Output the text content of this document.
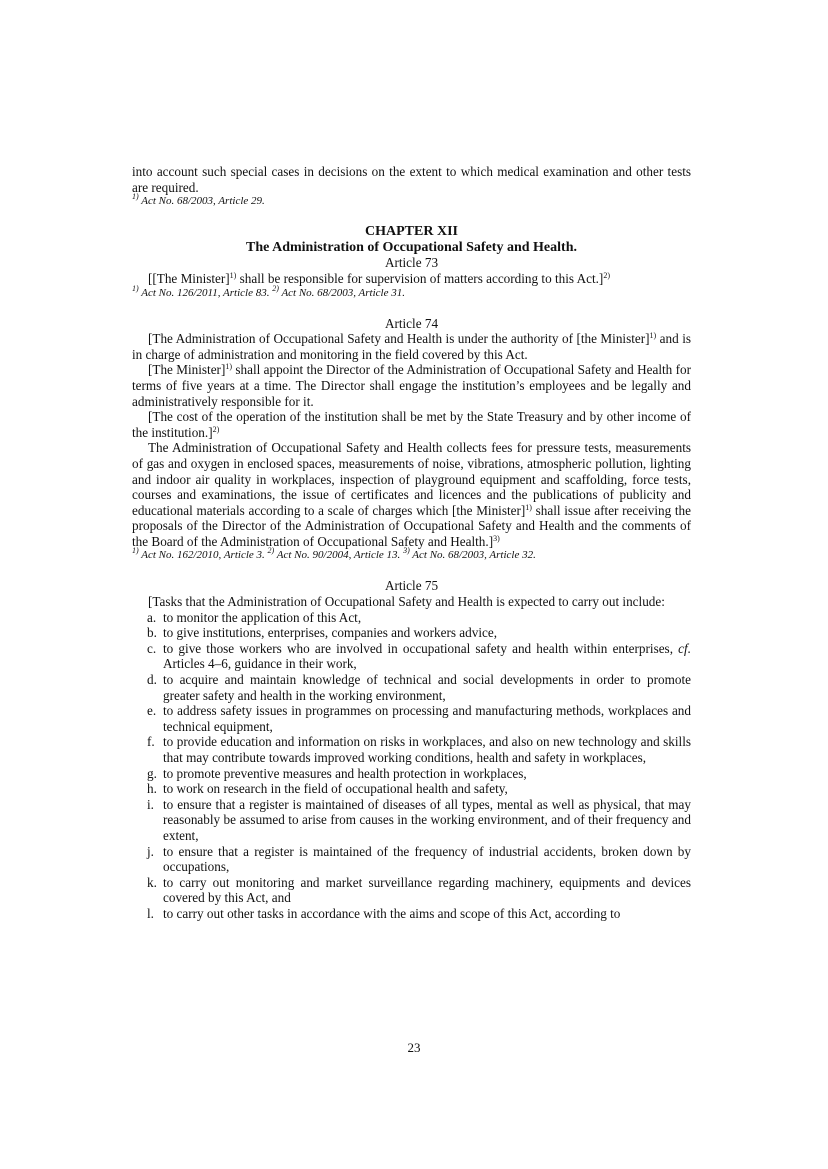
into account such special cases in decisions on the extent to which medical examination and other tests are required.

$^{1)}$ Act No. 68/2003, Article 29.

CHAPTER XII

The Administration of Occupational Safety and Health.

Article 73

[[The Minister]$^{1)}$ shall be responsible for supervision of matters according to this Act.]$^{2)}$

$^{1)}$ Act No. 126/2011, Article 83. $^{2)}$ Act No. 68/2003, Article 31.

Article 74

[The Administration of Occupational Safety and Health is under the authority of [the Minister]$^{1)}$ and is in charge of administration and monitoring in the field covered by this Act.

[The Minister]$^{1)}$ shall appoint the Director of the Administration of Occupational Safety and Health for terms of five years at a time. The Director shall engage the institution’s employees and be legally and administratively responsible for it.

[The cost of the operation of the institution shall be met by the State Treasury and by other income of the institution.]$^{2)}$

The Administration of Occupational Safety and Health collects fees for pressure tests, measurements of gas and oxygen in enclosed spaces, measurements of noise, vibrations, atmospheric pollution, lighting and indoor air quality in workplaces, inspection of playground equipment and scaffolding, force tests, courses and examinations, the issue of certificates and licences and the publications of publicity and educational materials according to a scale of charges which [the Minister]$^{1)}$ shall issue after receiving the proposals of the Director of the Administration of Occupational Safety and Health and the comments of the Board of the Administration of Occupational Safety and Health.]$^{3)}$

$^{1)}$ Act No. 162/2010, Article 3. $^{2)}$ Act No. 90/2004, Article 13. $^{3)}$ Act No. 68/2003, Article 32.

Article 75

[Tasks that the Administration of Occupational Safety and Health is expected to carry out include:

a. to monitor the application of this Act,
b. to give institutions, enterprises, companies and workers advice,
c. to give those workers who are involved in occupational safety and health within enterprises, cf. Articles 4–6, guidance in their work,
d. to acquire and maintain knowledge of technical and social developments in order to promote greater safety and health in the working environment,
e. to address safety issues in programmes on processing and manufacturing methods, workplaces and technical equipment,
f. to provide education and information on risks in workplaces, and also on new technology and skills that may contribute towards improved working conditions, health and safety in workplaces,
g. to promote preventive measures and health protection in workplaces,
h. to work on research in the field of occupational health and safety,
i. to ensure that a register is maintained of diseases of all types, mental as well as physical, that may reasonably be assumed to arise from causes in the working environment, and of their frequency and extent,
j. to ensure that a register is maintained of the frequency of industrial accidents, broken down by occupations,
k. to carry out monitoring and market surveillance regarding machinery, equipments and devices covered by this Act, and
l. to carry out other tasks in accordance with the aims and scope of this Act, according to
23
